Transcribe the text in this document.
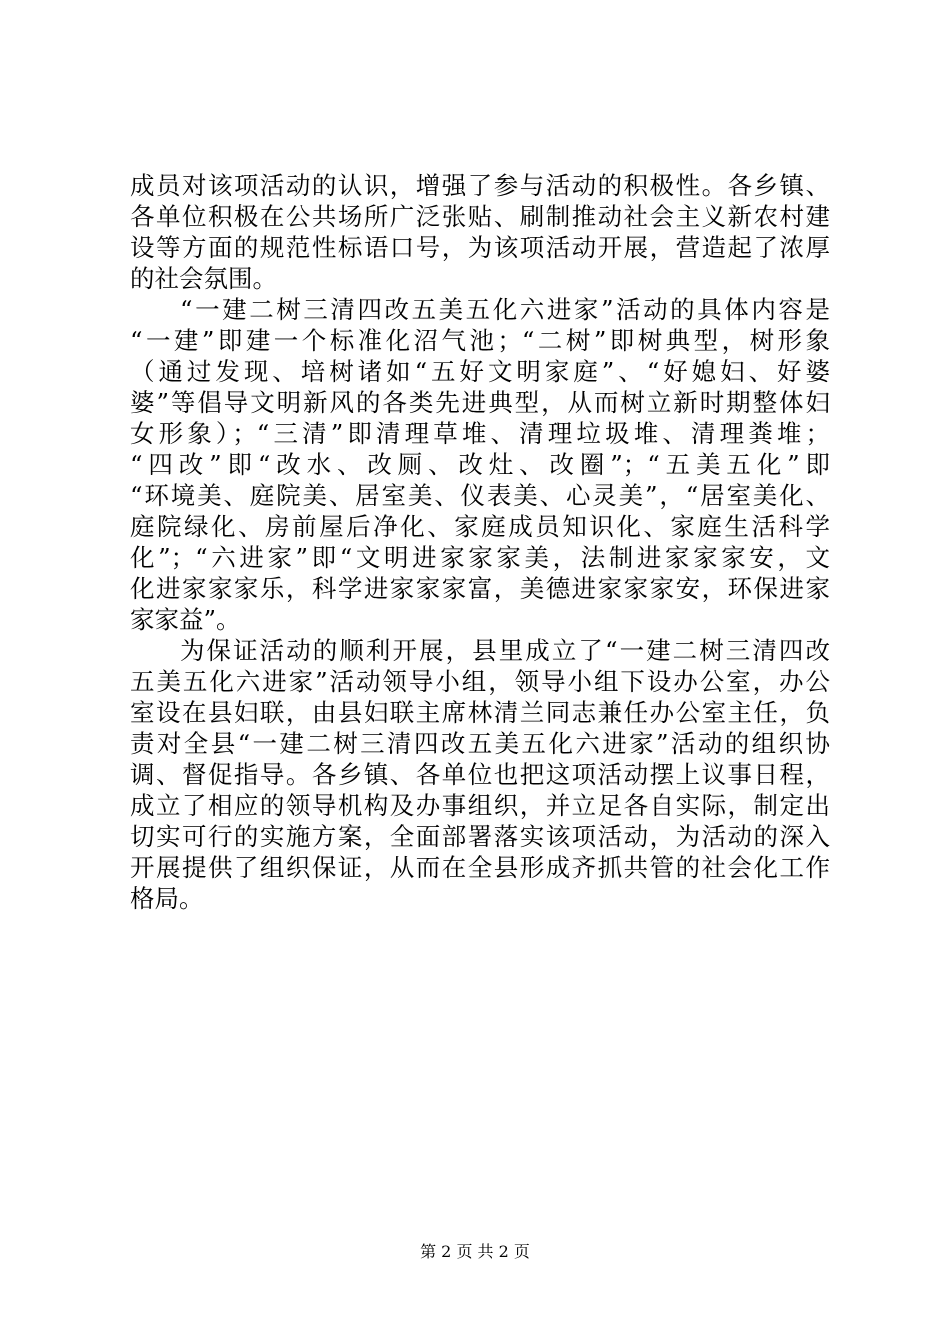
成员对该项活动的认识，增强了参与活动的积极性。各乡镇、
各单位积极在公共场所广泛张贴、刷制推动社会主义新农村建
设等方面的规范性标语口号，为该项活动开展，营造起了浓厚
的社会氛围。
“一建二树三清四改五美五化六进家”活动的具体内容是
“一建”即建一个标准化沼气池；“二树”即树典型，树形象
（通过发现、培树诸如“五好文明家庭”、“好媳妇、好婆
婆”等倡导文明新风的各类先进典型，从而树立新时期整体妇
女形象）；“三清”即清理草堆、清理垃圾堆、清理粪堆；
“四改”即“改水、改厕、改灶、改圈”；“五美五化”即
“环境美、庭院美、居室美、仪表美、心灵美”，“居室美化、
庭院绿化、房前屋后净化、家庭成员知识化、家庭生活科学
化”；“六进家”即“文明进家家家美，法制进家家家安，文
化进家家家乐，科学进家家家富，美德进家家家安，环保进家
家家益”。
为保证活动的顺利开展，县里成立了“一建二树三清四改
五美五化六进家”活动领导小组，领导小组下设办公室，办公
室设在县妇联，由县妇联主席林清兰同志兼任办公室主任，负
责对全县“一建二树三清四改五美五化六进家”活动的组织协
调、督促指导。各乡镇、各单位也把这项活动摆上议事日程，
成立了相应的领导机构及办事组织，并立足各自实际，制定出
切实可行的实施方案，全面部署落实该项活动，为活动的深入
开展提供了组织保证，从而在全县形成齐抓共管的社会化工作
格局。
第 2 页 共 2 页
